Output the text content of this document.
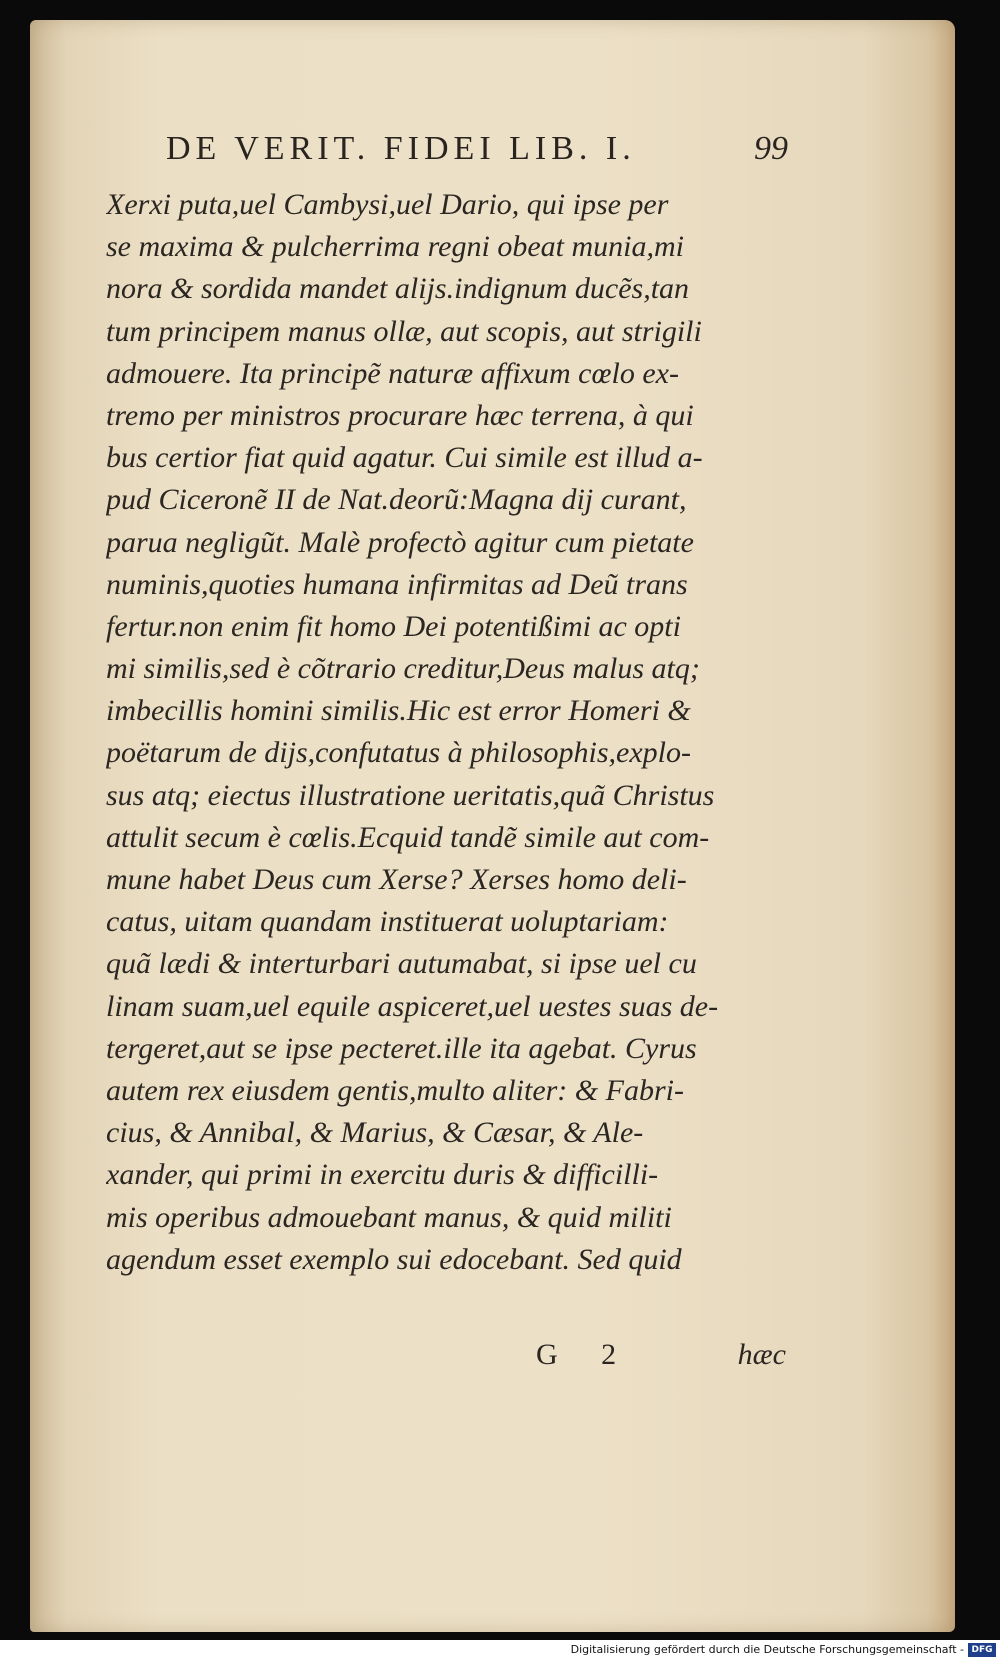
DE VERIT. FIDEI LIB. I.	99
Xerxi puta,uel Cambysi,uel Dario, qui ipse per
se maxima & pulcherrima regni obeat munia,mi
nora & sordida mandet aliјs.indignum ducẽs,tan
tum principem manus ollæ, aut scopis, aut strigili
admouere. Ita principẽ naturæ affixum cœlo ex-
tremo per ministros procurare hæc terrena, à qui
bus certior fiat quid agatur. Cui simile est illud a-
pud Ciceronẽ II de Nat.deorũ:Magna dij curant,
parua negligũt. Malè profectò agitur cum pietate
numinis,quoties humana infirmitas ad Deũ trans
fertur.non enim fit homo Dei potentißimi ac opti
mi similis,sed è cõtrario creditur,Deus malus atq;
imbecillis homini similis.Hic est error Homeri &
poëtarum de dijs,confutatus à philosophis,explo-
sus atq; eiectus illustratione ueritatis,quã Christus
attulit secum è cœlis.Ecquid tandẽ simile aut com-
mune habet Deus cum Xerse? Xerses homo deli-
catus, uitam quandam instituerat uoluptariam:
quã lædi & interturbari autumabat, si ipse uel cu
linam suam,uel equile aspiceret,uel uestes suas de-
tergeret,aut se ipse pecteret.ille ita agebat. Cyrus
autem rex eiusdem gentis,multo aliter: & Fabri-
cius, & Annibal, & Marius, & Cæsar, & Ale-
xander, qui primi in exercitu duris & difficilli-
mis operibus admouebant manus, & quid militi
agendum esset exemplo sui edocebant. Sed quid
G 2	hæc
Digitalisierung gefördert durch die Deutsche Forschungsgemeinschaft - DFG
